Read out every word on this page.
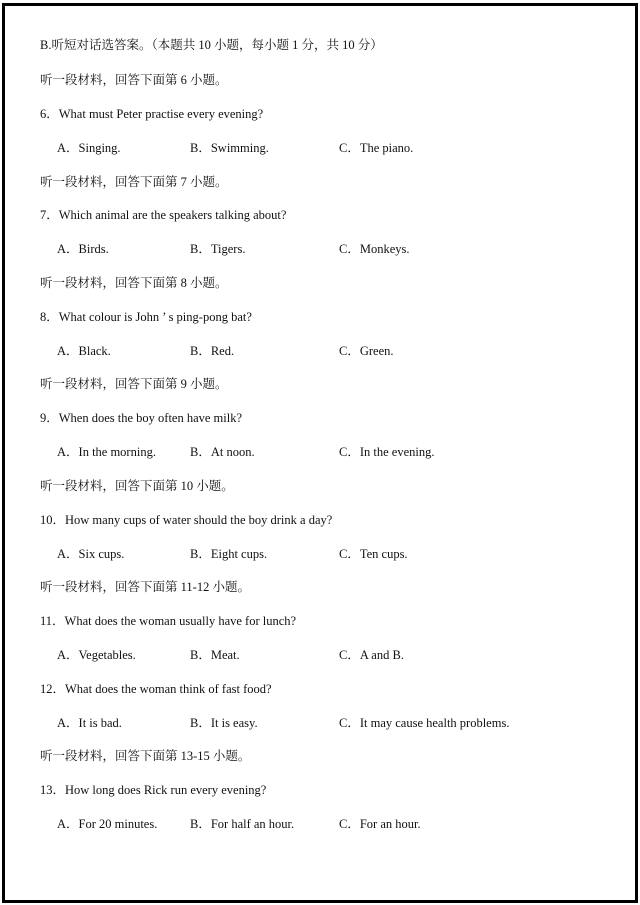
B.听短对话选答案。（本题共 10 小题，每小题 1 分，共 10 分）
听一段材料，回答下面第 6 小题。
6．What must Peter practise every evening?
A．Singing.	B．Swimming.	C．The piano.
听一段材料，回答下面第 7 小题。
7．Which animal are the speakers talking about?
A．Birds.	B．Tigers.	C．Monkeys.
听一段材料，回答下面第 8 小题。
8．What colour is John ’ s ping-pong bat?
A．Black.	B．Red.	C．Green.
听一段材料，回答下面第 9 小题。
9．When does the boy often have milk?
A．In the morning.	B．At noon.	C．In the evening.
听一段材料，回答下面第 10 小题。
10．How many cups of water should the boy drink a day?
A．Six cups.	B．Eight cups.	C．Ten cups.
听一段材料，回答下面第 11-12 小题。
11．What does the woman usually have for lunch?
A．Vegetables.	B．Meat.	C．A and B.
12．What does the woman think of fast food?
A．It is bad.	B．It is easy.	C．It may cause health problems.
听一段材料，回答下面第 13-15 小题。
13．How long does Rick run every evening?
A．For 20 minutes.	B．For half an hour.	C．For an hour.
